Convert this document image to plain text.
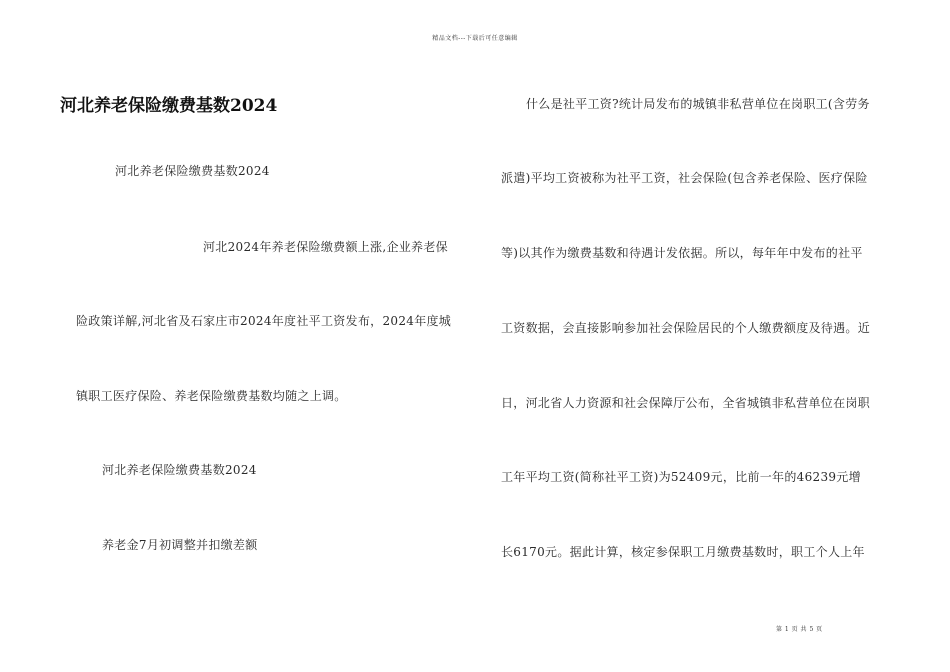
精品文档---下载后可任意编辑
河北养老保险缴费基数2024
河北养老保险缴费基数2024
河北2024年养老保险缴费额上涨,企业养老保
险政策详解,河北省及石家庄市2024年度社平工资发布，2024年度城
镇职工医疗保险、养老保险缴费基数均随之上调。
河北养老保险缴费基数2024
养老金7月初调整并扣缴差额
什么是社平工资?统计局发布的城镇非私营单位在岗职工(含劳务
派遣)平均工资被称为社平工资，社会保险(包含养老保险、医疗保险
等)以其作为缴费基数和待遇计发依据。所以，每年年中发布的社平
工资数据，会直接影响参加社会保险居民的个人缴费额度及待遇。近
日，河北省人力资源和社会保障厅公布，全省城镇非私营单位在岗职
工年平均工资(简称社平工资)为52409元，比前一年的46239元增
长6170元。据此计算，核定参保职工月缴费基数时，职工个人上年
第 1 页 共 5 页
